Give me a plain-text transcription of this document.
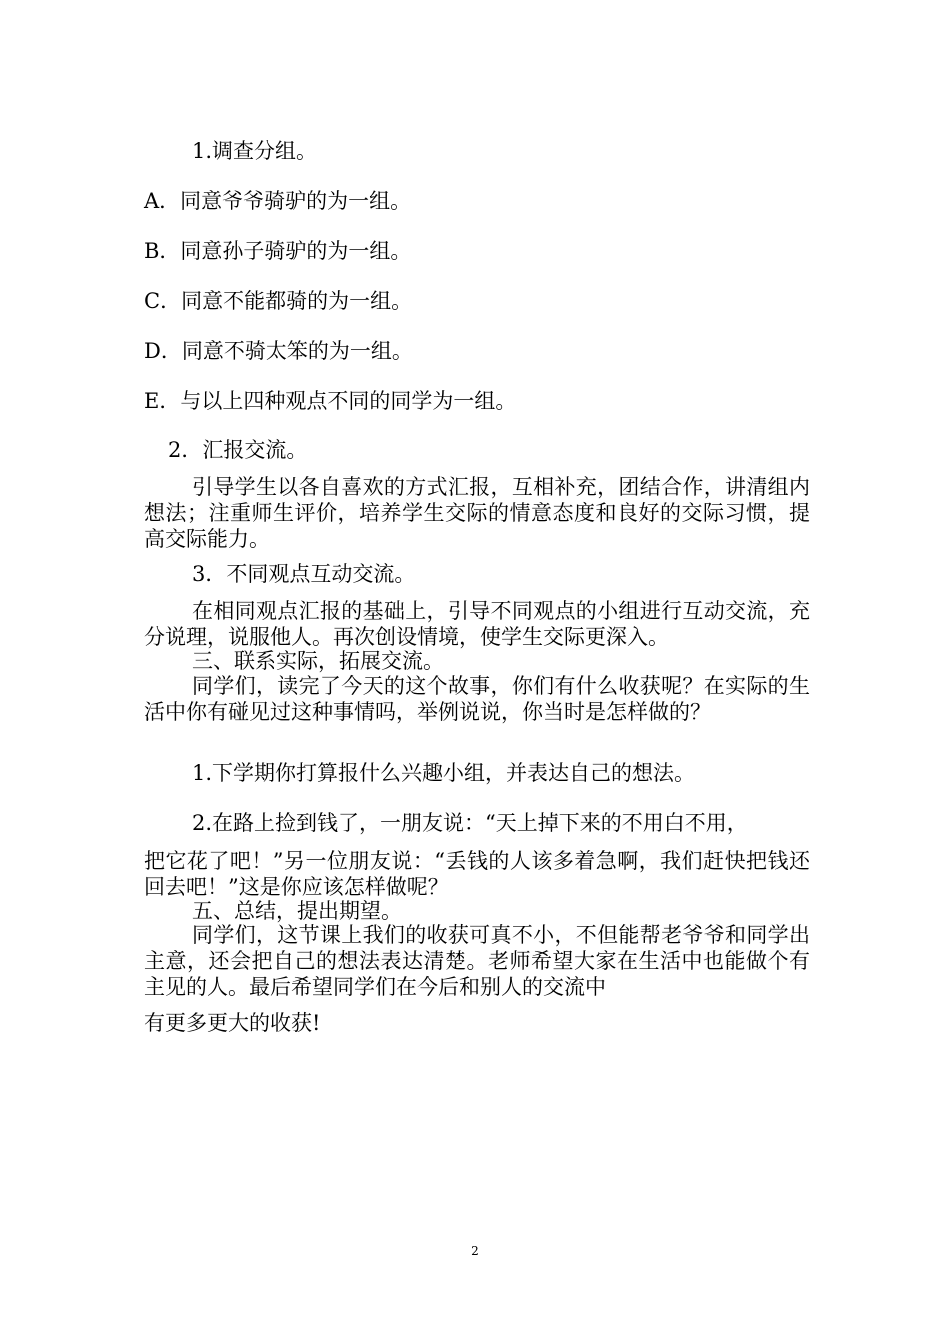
1.调查分组。
A．同意爷爷骑驴的为一组。
B．同意孙子骑驴的为一组。
C．同意不能都骑的为一组。
D．同意不骑太笨的为一组。
E．与以上四种观点不同的同学为一组。
2．汇报交流。

引导学生以各自喜欢的方式汇报，互相补充，团结合作，讲清组内想法；注重师生评价，培养学生交际的情意态度和良好的交际习惯，提高交际能力。

3．不同观点互动交流。

在相同观点汇报的基础上，引导不同观点的小组进行互动交流，充分说理，说服他人。再次创设情境，使学生交际更深入。

三、联系实际，拓展交流。

同学们，读完了今天的这个故事，你们有什么收获呢？在实际的生活中你有碰见过这种事情吗，举例说说，你当时是怎样做的？

1.下学期你打算报什么兴趣小组，并表达自己的想法。
2.在路上捡到钱了，一朋友说：“天上掉下来的不用白不用，

把它花了吧！”另一位朋友说：“丢钱的人该多着急啊，我们赶快把钱还回去吧！”这是你应该怎样做呢？

五、总结，提出期望。

同学们，这节课上我们的收获可真不小，不但能帮老爷爷和同学出主意，还会把自己的想法表达清楚。老师希望大家在生活中也能做个有主见的人。最后希望同学们在今后和别人的交流中

有更多更大的收获!
2
